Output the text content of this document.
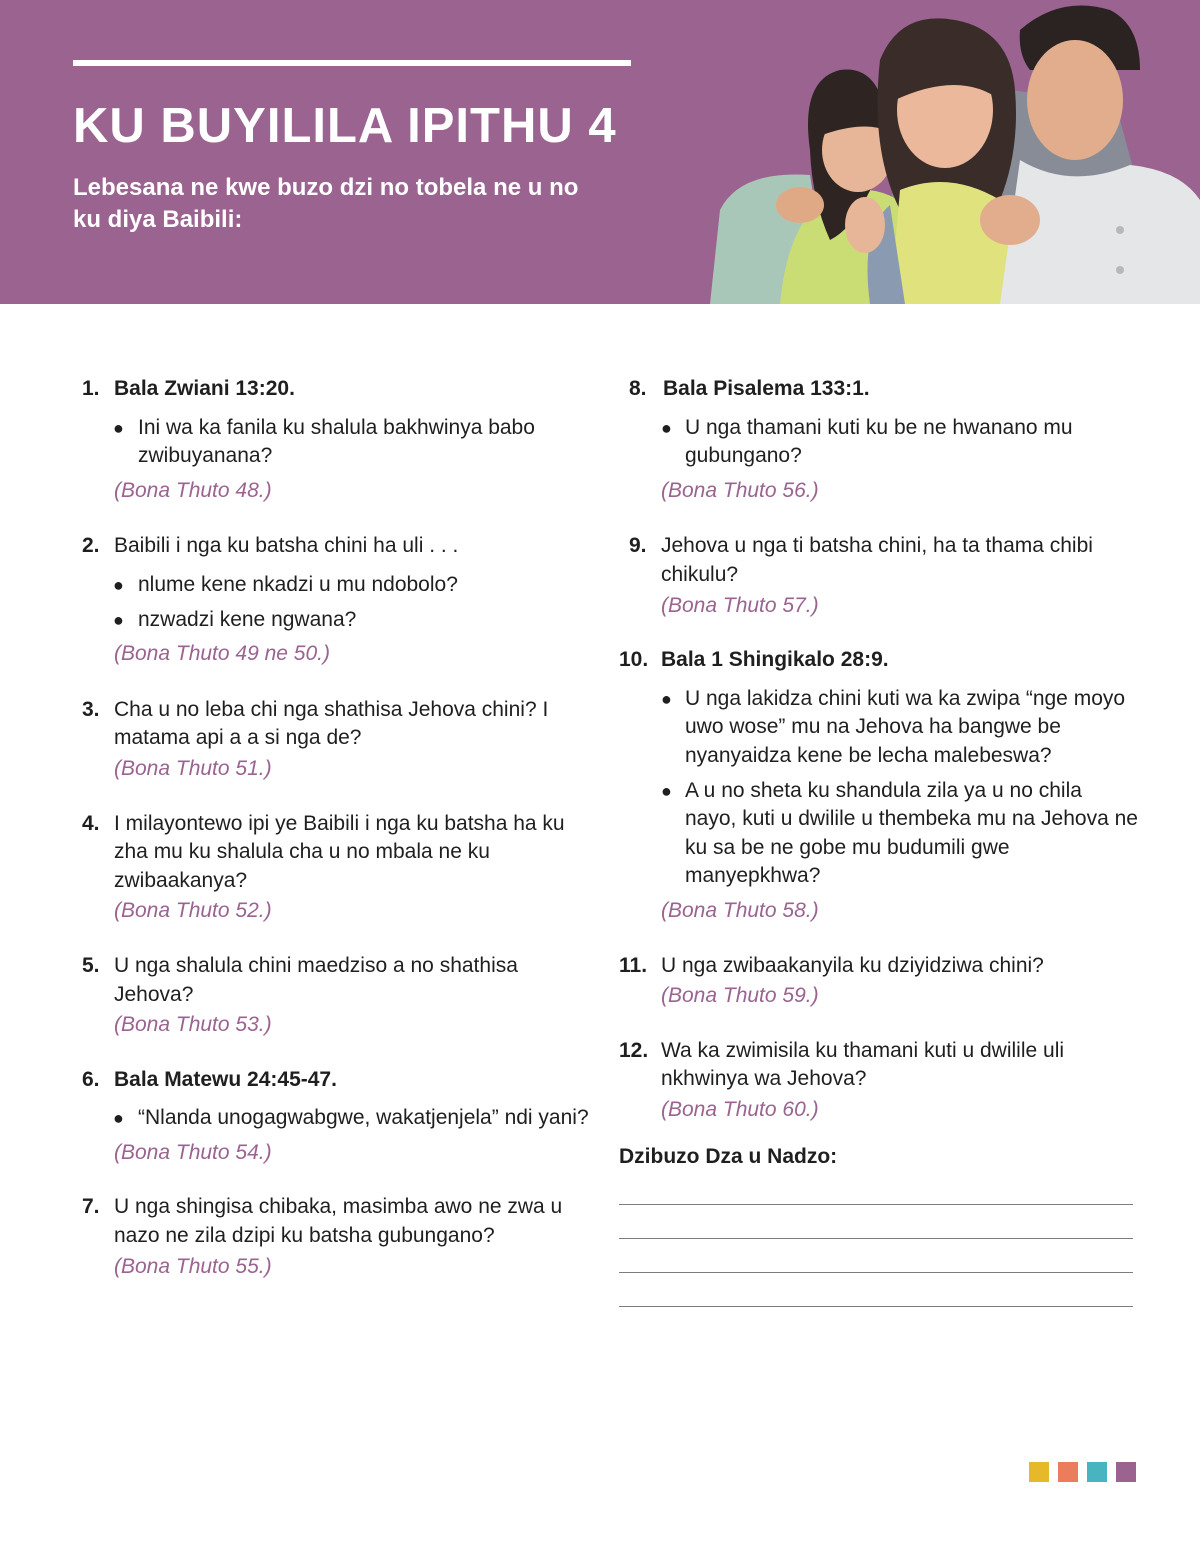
KU BUYILILA IPITHU 4

Lebesana ne kwe buzo dzi no tobela ne u no ku diya Baibili:

1. Bala Zwiani 13:20.
● Ini wa ka fanila ku shalula bakhwinya babo zwibuyanana?
(Bona Thuto 48.)
2. Baibili i nga ku batsha chini ha uli . . .
● nlume kene nkadzi u mu ndobolo?
● nzwadzi kene ngwana?
(Bona Thuto 49 ne 50.)
3. Cha u no leba chi nga shathisa Jehova chini? I matama api a a si nga de?
(Bona Thuto 51.)
4. I milayontewo ipi ye Baibili i nga ku batsha ha ku zha mu ku shalula cha u no mbala ne ku zwibaakanya?
(Bona Thuto 52.)
5. U nga shalula chini maedziso a no shathisa Jehova?
(Bona Thuto 53.)
6. Bala Matewu 24:45-47.
● “Nlanda unogagwabgwe, wakatjenjela” ndi yani?
(Bona Thuto 54.)
7. U nga shingisa chibaka, masimba awo ne zwa u nazo ne zila dzipi ku batsha gubungano?
(Bona Thuto 55.)
8. Bala Pisalema 133:1.
● U nga thamani kuti ku be ne hwanano mu gubungano?
(Bona Thuto 56.)
9. Jehova u nga ti batsha chini, ha ta thama chibi chikulu?
(Bona Thuto 57.)
10. Bala 1 Shingikalo 28:9.
● U nga lakidza chini kuti wa ka zwipa “nge moyo uwo wose” mu na Jehova ha bangwe be nyanyaidza kene be lecha malebeswa?
● A u no sheta ku shandula zila ya u no chila nayo, kuti u dwilile u thembeka mu na Jehova ne ku sa be ne gobe mu budumili gwe manyepkhwa?
(Bona Thuto 58.)
11. U nga zwibaakanyila ku dziyidziwa chini?
(Bona Thuto 59.)
12. Wa ka zwimisila ku thamani kuti u dwilile uli nkhwinya wa Jehova?
(Bona Thuto 60.)
Dzibuzo Dza u Nadzo:
